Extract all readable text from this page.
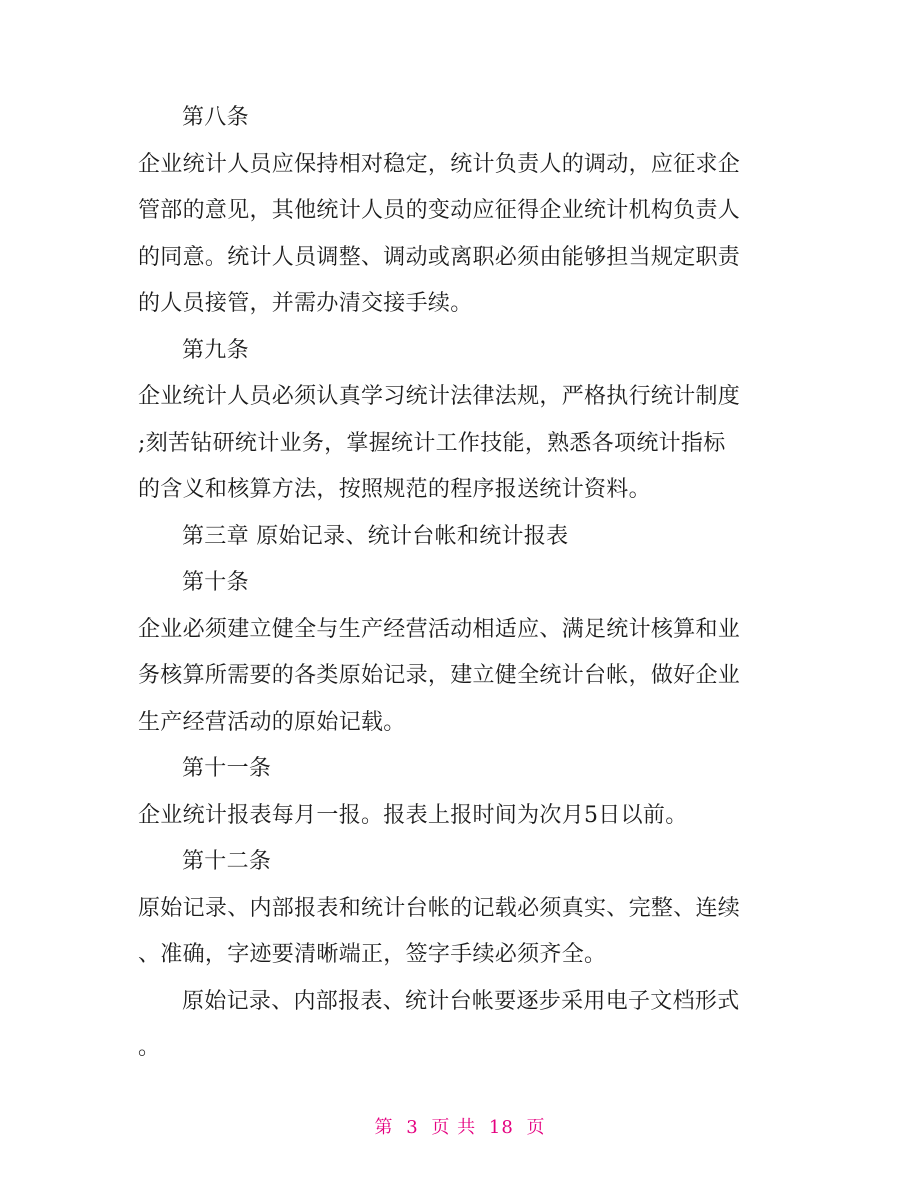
第八条
企业统计人员应保持相对稳定，统计负责人的调动，应征求企
管部的意见，其他统计人员的变动应征得企业统计机构负责人
的同意。统计人员调整、调动或离职必须由能够担当规定职责
的人员接管，并需办清交接手续。
第九条
企业统计人员必须认真学习统计法律法规，严格执行统计制度
;刻苦钻研统计业务，掌握统计工作技能，熟悉各项统计指标
的含义和核算方法，按照规范的程序报送统计资料。
第三章 原始记录、统计台帐和统计报表
第十条
企业必须建立健全与生产经营活动相适应、满足统计核算和业
务核算所需要的各类原始记录，建立健全统计台帐，做好企业
生产经营活动的原始记载。
第十一条
企业统计报表每月一报。报表上报时间为次月5日以前。
第十二条
原始记录、内部报表和统计台帐的记载必须真实、完整、连续
、准确，字迹要清晰端正，签字手续必须齐全。
原始记录、内部报表、统计台帐要逐步采用电子文档形式
。
第 3 页 共 18 页
